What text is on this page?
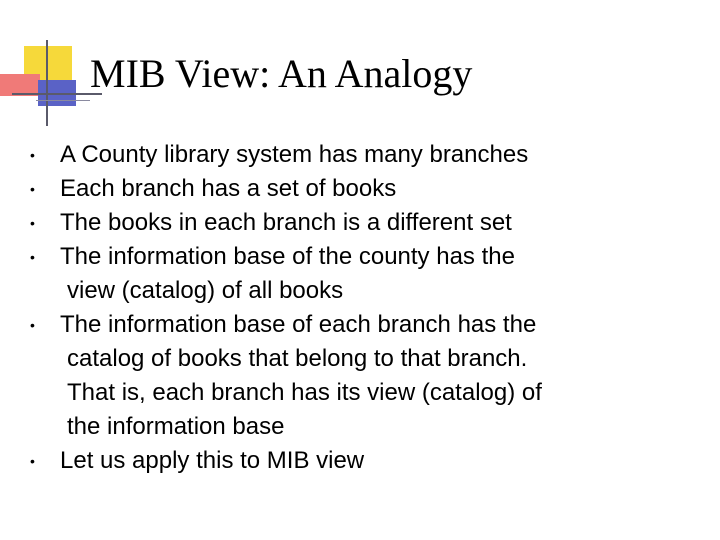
MIB View: An Analogy
• A County library system has many branches
• Each branch has a set of books
• The books in each branch is a different set
• The information base of the county has the
view (catalog) of all books
• The information base of each branch has the
catalog of books that belong to that branch.
That is, each branch has its view (catalog) of
the information base
• Let us apply this to MIB view
